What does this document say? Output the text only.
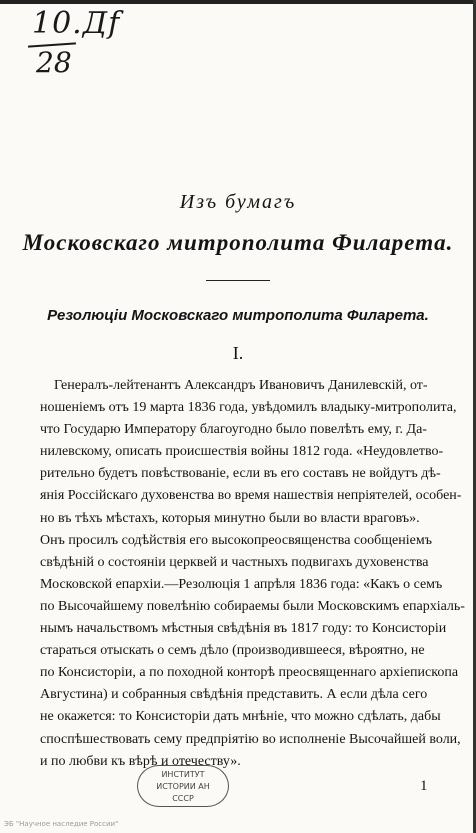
10.Дf
28
Изъ бумагъ
Московскаго митрополита Филарета.
Резолюціи Московскаго митрополита Филарета.
I.
Генералъ-лейтенантъ Александръ Ивановичъ Данилевскій, от-
ношеніемъ отъ 19 марта 1836 года, увѣдомилъ владыку-митрополита,
что Государю Императору благоугодно было повелѣть ему, г. Да-
нилевскому, описать происшествія войны 1812 года. «Неудовлетво-
рительно будетъ повѣствованіе, если въ его составъ не войдутъ дѣ-
янія Россійскаго духовенства во время нашествія непріятелей, особен-
но въ тѣхъ мѣстахъ, которыя минутно были во власти враговъ».
Онъ просилъ содѣйствія его высокопреосвященства сообщеніемъ
свѣдѣній о состояніи церквей и частныхъ подвигахъ духовенства
Московской епархіи.—Резолюція 1 апрѣля 1836 года: «Какъ о семъ
по Высочайшему повелѣнію собираемы были Московскимъ епархіаль-
нымъ начальствомъ мѣстныя свѣдѣнія въ 1817 году: то Консисторіи
стараться отыскать о семъ дѣло (производившееся, вѣроятно, не
по Консисторіи, а по походной конторѣ преосвященнаго архіепископа
Августина) и собранныя свѣдѣнія представить. А если дѣла сего
не окажется: то Консисторіи дать мнѣніе, что можно сдѣлать, дабы
споспѣшествовать сему предпріятію во исполненіе Высочайшей воли,
и по любви къ вѣрѣ и отечеству».
ИНСТИТУТ
ИСТОРИИ АН
СССР
1
ЭБ "Научное наследие России"
